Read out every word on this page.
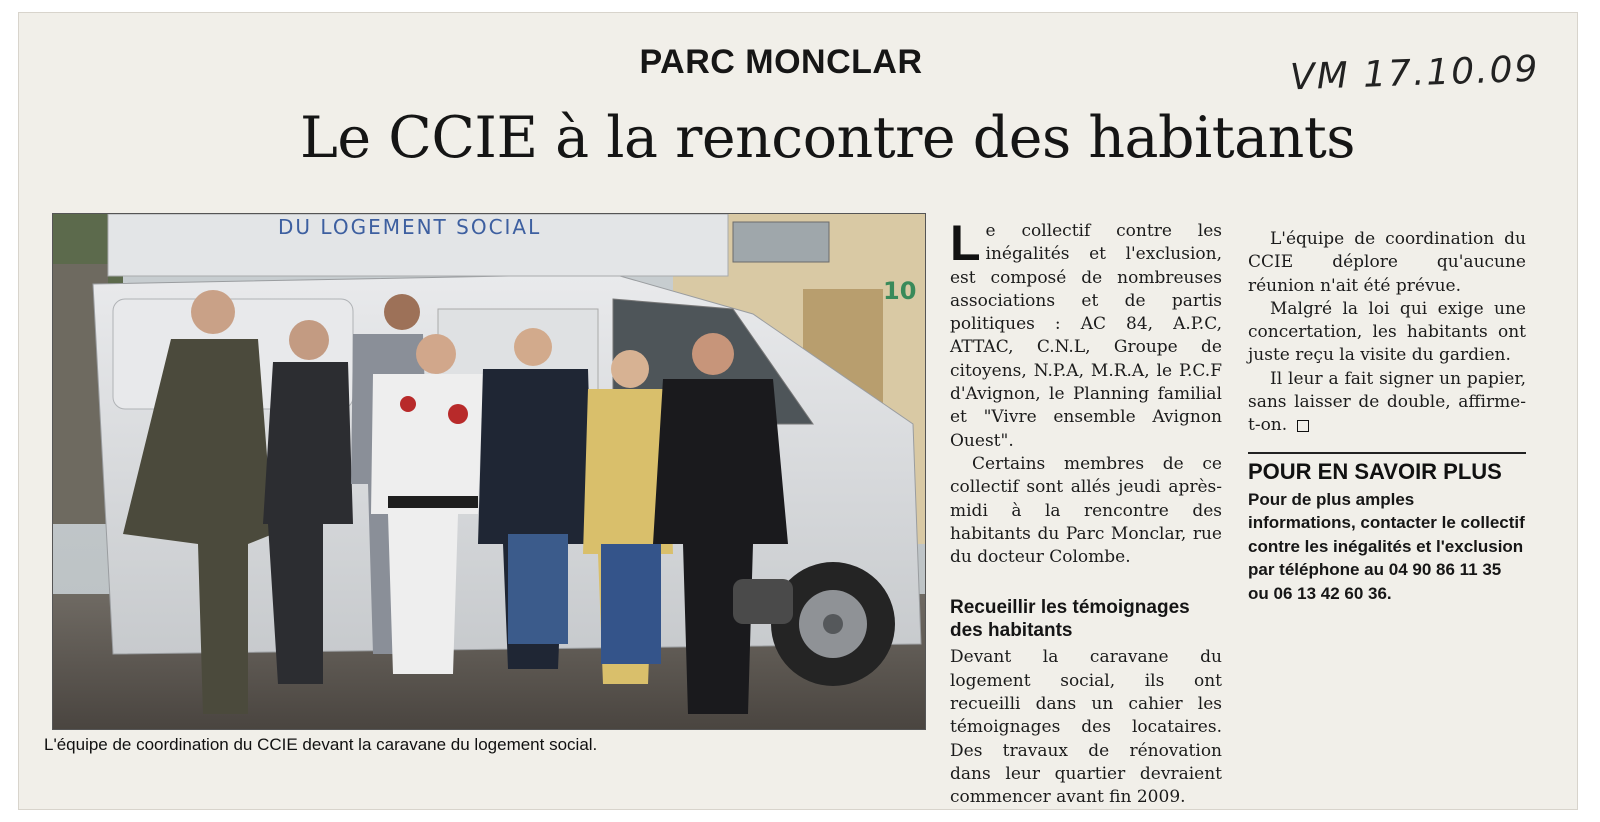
PARC MONCLAR
Le CCIE à la rencontre des habitants
VM 17.10.09
10
DU LOGEMENT SOCIAL
L'équipe de coordination du CCIE devant la caravane du logement social.

Le collectif contre les inégalités et l'exclusion, est composé de nombreuses associations et de partis politiques : AC 84, A.P.C, ATTAC, C.N.L, Groupe de citoyens, N.P.A, M.R.A, le P.C.F d'Avignon, le Planning familial et "Vivre ensemble Avignon Ouest".

Certains membres de ce collectif sont allés jeudi après-midi à la rencontre des habitants du Parc Monclar, rue du docteur Colombe.

Recueillir les témoignages des habitants

Devant la caravane du logement social, ils ont recueilli dans un cahier les témoignages des locataires. Des travaux de rénovation dans leur quartier devraient commencer avant fin 2009.

L'équipe de coordination du CCIE déplore qu'aucune réunion n'ait été prévue.

Malgré la loi qui exige une concertation, les habitants ont juste reçu la visite du gardien.

Il leur a fait signer un papier, sans laisser de double, affirme-t-on.

POUR EN SAVOIR PLUS

Pour de plus amples informations, contacter le collectif contre les inégalités et l'exclusion par téléphone au 04 90 86 11 35 ou 06 13 42 60 36.
